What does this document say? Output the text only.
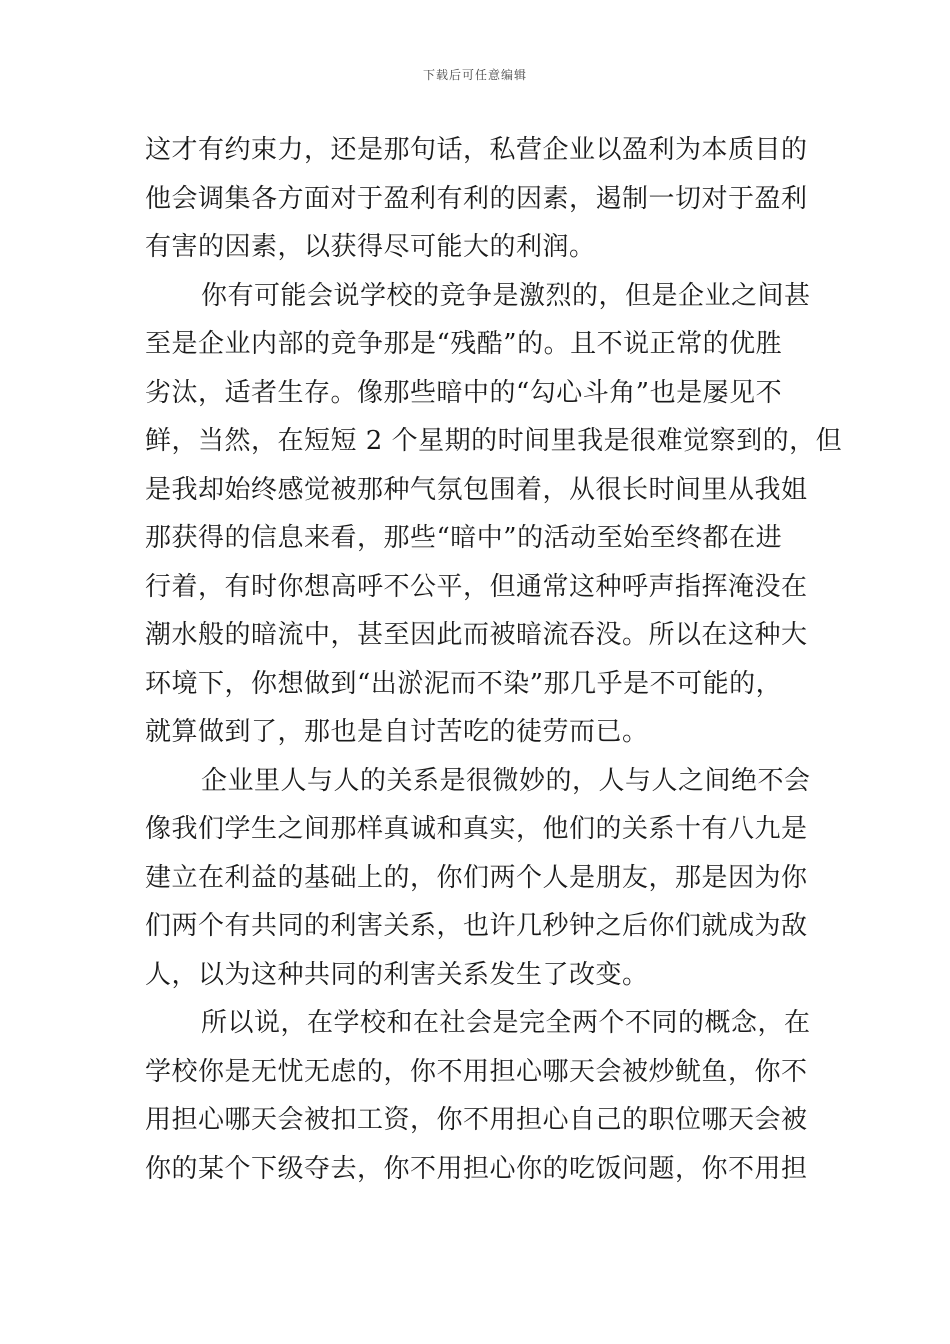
下载后可任意编辑
这才有约束力，还是那句话，私营企业以盈利为本质目的
他会调集各方面对于盈利有利的因素，遏制一切对于盈利
有害的因素，以获得尽可能大的利润。
你有可能会说学校的竞争是激烈的，但是企业之间甚
至是企业内部的竞争那是“残酷”的。且不说正常的优胜
劣汰，适者生存。像那些暗中的“勾心斗角”也是屡见不
鲜，当然，在短短 2 个星期的时间里我是很难觉察到的，但
是我却始终感觉被那种气氛包围着，从很长时间里从我姐
那获得的信息来看，那些“暗中”的活动至始至终都在进
行着，有时你想高呼不公平，但通常这种呼声指挥淹没在
潮水般的暗流中，甚至因此而被暗流吞没。所以在这种大
环境下，你想做到“出淤泥而不染”那几乎是不可能的，
就算做到了，那也是自讨苦吃的徒劳而已。
企业里人与人的关系是很微妙的，人与人之间绝不会
像我们学生之间那样真诚和真实，他们的关系十有八九是
建立在利益的基础上的，你们两个人是朋友，那是因为你
们两个有共同的利害关系，也许几秒钟之后你们就成为敌
人，以为这种共同的利害关系发生了改变。
所以说，在学校和在社会是完全两个不同的概念，在
学校你是无忧无虑的，你不用担心哪天会被炒鱿鱼，你不
用担心哪天会被扣工资，你不用担心自己的职位哪天会被
你的某个下级夺去，你不用担心你的吃饭问题，你不用担
